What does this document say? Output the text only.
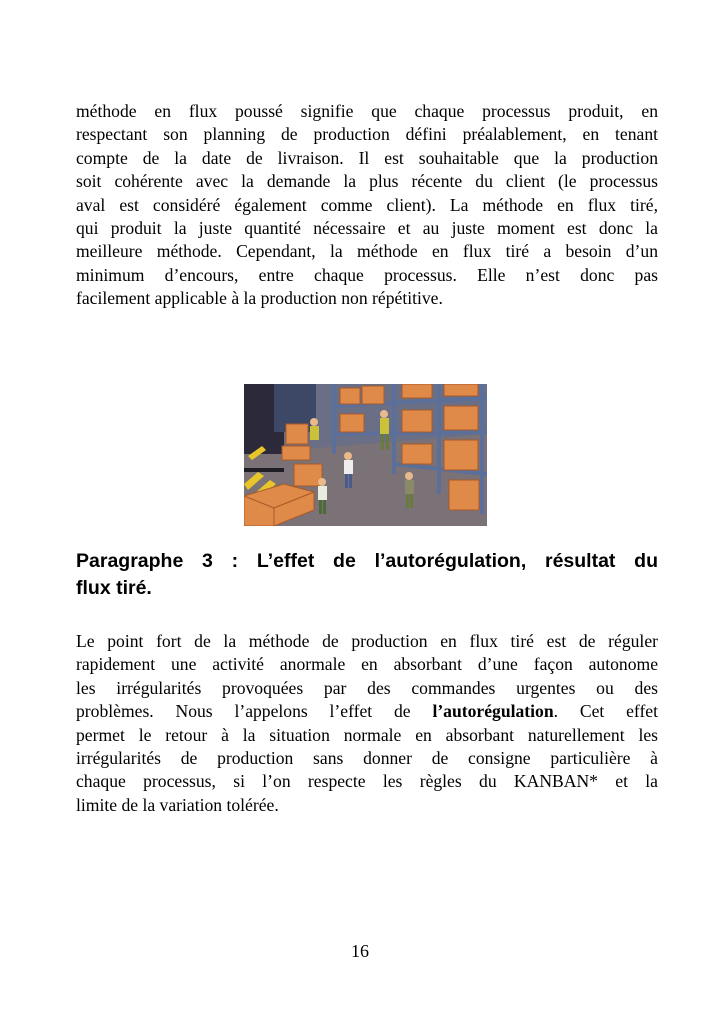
méthode en flux poussé signifie que chaque processus produit, en
respectant son planning de production défini préalablement, en tenant
compte de la date de livraison. Il est souhaitable que la production
soit cohérente avec la demande la plus récente du client (le processus
aval est considéré également comme client). La méthode en flux tiré,
qui produit la juste quantité nécessaire et au juste moment est donc la
meilleure méthode. Cependant, la méthode en flux tiré a besoin d’un
minimum d’encours, entre chaque processus. Elle n’est donc pas
facilement applicable à la production non répétitive.
Paragraphe 3 : L’effet de l’autorégulation, résultat du
flux tiré.
Le point fort de la méthode de production en flux tiré est de réguler
rapidement une activité anormale en absorbant d’une façon autonome
les irrégularités provoquées par des commandes urgentes ou des
problèmes. Nous l’appelons l’effet de l’autorégulation. Cet effet
permet le retour à la situation normale en absorbant naturellement les
irrégularités de production sans donner de consigne particulière à
chaque processus, si l’on respecte les règles du KANBAN* et la
limite de la variation tolérée.
16
